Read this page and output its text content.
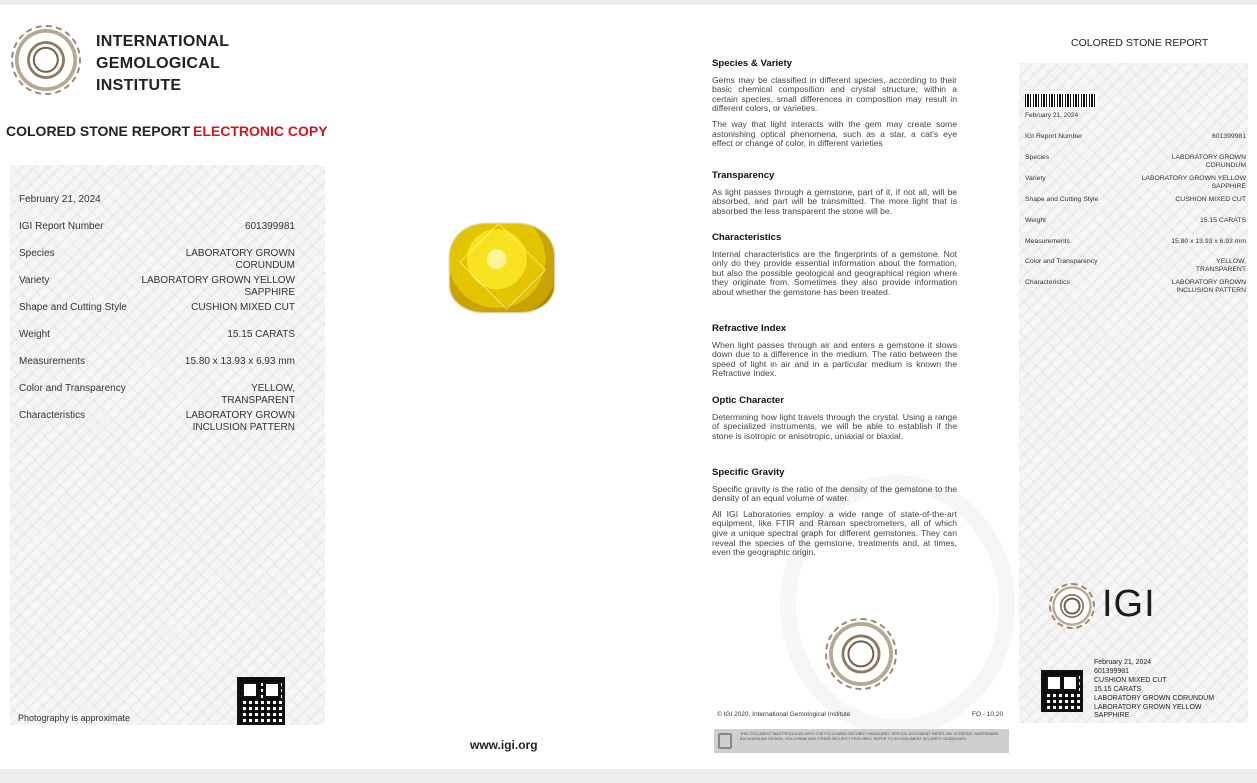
INTERNATIONAL
GEMOLOGICAL
INSTITUTE
COLORED STONE REPORT ELECTRONIC COPY
February 21, 2024
IGI Report Number	601399981
Species	LABORATORY GROWN CORUNDUM
Variety	LABORATORY GROWN YELLOW SAPPHIRE
Shape and Cutting Style	CUSHION MIXED CUT
Weight	15.15 CARATS
Measurements	15.80 x 13.93 x 6.93 mm
Color and Transparency	YELLOW, TRANSPARENT
Characteristics	LABORATORY GROWN INCLUSION PATTERN
Photography is approximate
www.igi.org
Species & Variety

Gems may be classified in different species, according to their basic chemical composition and crystal structure; within a certain species, small differences in composition may result in different colors, or varieties.

The way that light interacts with the gem may create some astonishing optical phenomena, such as a star, a cat's eye effect or change of color, in different varieties

Transparency

As light passes through a gemstone, part of it, if not all, will be absorbed, and part will be transmitted. The more light that is absorbed the less transparent the stone will be.

Characteristics

Internal characteristics are the fingerprints of a gemstone. Not only do they provide essential information about the formation, but also the possible geological and geographical region where they originate from. Sometimes they also provide information about whether the gemstone has been treated.

Refractive Index

When light passes through air and enters a gemstone it slows down due to a difference in the medium. The ratio between the speed of light in air and in a particular medium is known the Refractive Index.

Optic Character

Determining how light travels through the crystal. Using a range of specialized instruments, we will be able to establish if the stone is isotropic or anisotropic, uniaxial or biaxial.

Specific Gravity

Specific gravity is the ratio of the density of the gemstone to the density of an equal volume of water.

All IGI Laboratories employ a wide range of state-of-the-art equipment, like FTIR and Raman spectrometers, all of which give a unique spectral graph for different gemstones. They can reveal the species of the gemstone, treatments and, at times, even the geographic origin.

© IGI 2020, International Gemological Institute	FO - 10.20
THIS DOCUMENT WAS PRODUCED WITH THE FOLLOWING SECURITY MEASURES: SPECIAL DOCUMENT PAPER, INK SCREENS, WATERMARK BACKGROUND DESIGN, HOLOGRAM AND OTHER SECURITY FEATURES. REFER TO IGI DOCUMENT SECURITY GUIDELINES.
COLORED STONE REPORT
February 21, 2024
IGI Report Number	601399981
Species	LABORATORY GROWN CORUNDUM
Variety	LABORATORY GROWN YELLOW SAPPHIRE
Shape and Cutting Style	CUSHION MIXED CUT
Weight	15.15 CARATS
Measurements	15.80 x 13.93 x 6.93 mm
Color and Transparency	YELLOW, TRANSPARENT
Characteristics	LABORATORY GROWN INCLUSION PATTERN
IGI
February 21, 2024
601399981
CUSHION MIXED CUT
15.15 CARATS
LABORATORY GROWN CORUNDUM
LABORATORY GROWN YELLOW SAPPHIRE
